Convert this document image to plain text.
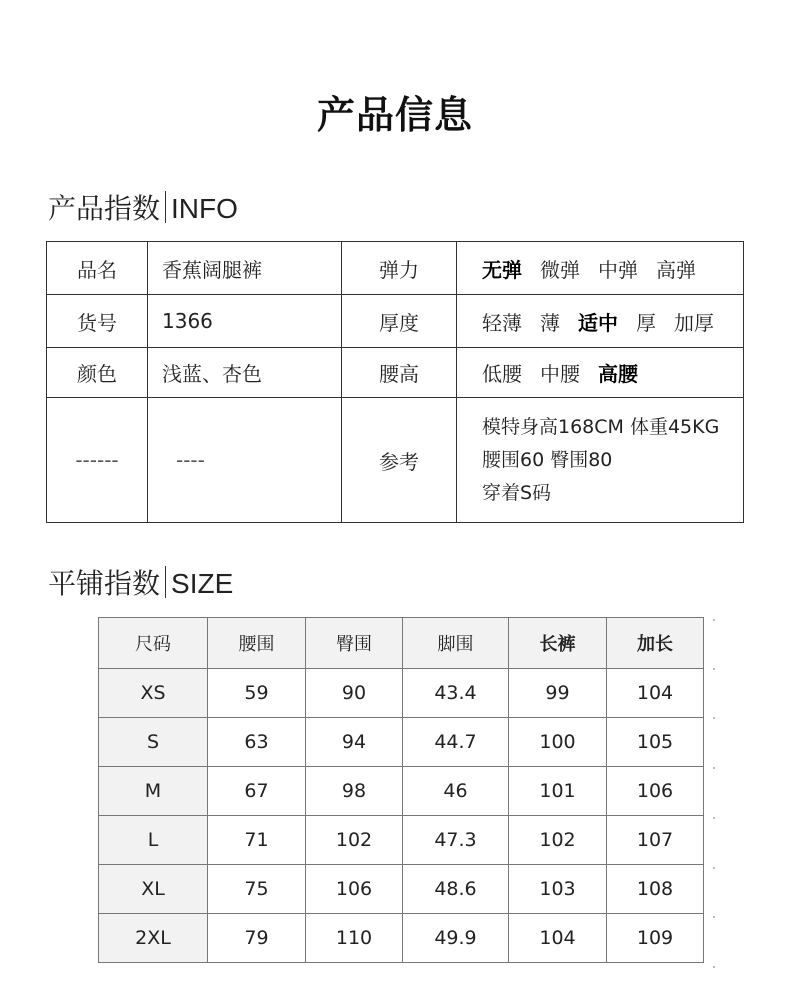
产品信息
产品指数 INFO
品名	香蕉阔腿裤	弹力	无弹 微弹 中弹 高弹
货号	1366	厚度	轻薄 薄 适中 厚 加厚
颜色	浅蓝、杏色	腰高	低腰 中腰 高腰
------	----	参考	模特身高168CM 体重45KG
腰围60 臀围80
穿着S码
平铺指数 SIZE
尺码	腰围	臀围	脚围	长裤	加长
XS	59	90	43.4	99	104
S	63	94	44.7	100	105
M	67	98	46	101	106
L	71	102	47.3	102	107
XL	75	106	48.6	103	108
2XL	79	110	49.9	104	109
